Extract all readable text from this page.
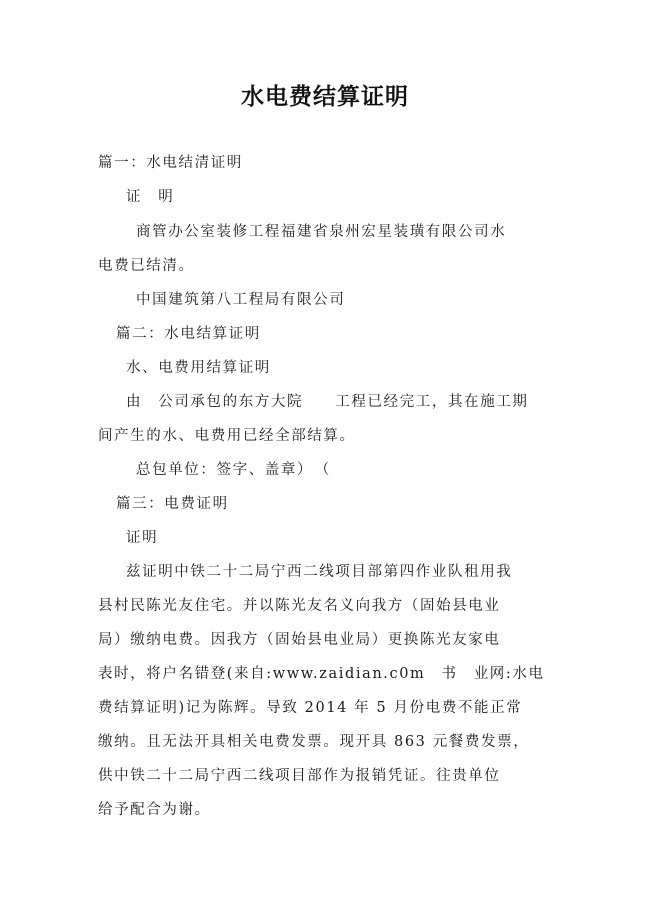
水电费结算证明
篇一：水电结清证明
证　明
商管办公室装修工程福建省泉州宏星装璜有限公司水
电费已结清。
中国建筑第八工程局有限公司
篇二：水电结算证明
水、电费用结算证明
由　公司承包的东方大院　　工程已经完工，其在施工期
间产生的水、电费用已经全部结算。
总包单位：签字、盖章）　（
篇三：电费证明
证明
兹证明中铁二十二局宁西二线项目部第四作业队租用我
县村民陈光友住宅。并以陈光友名义向我方（固始县电业
局）缴纳电费。因我方（固始县电业局）更换陈光友家电
表时，将户名错登(来自:www.zaidian.c0m　书　业网:水电
费结算证明)记为陈辉。导致 2014 年 5 月份电费不能正常
缴纳。且无法开具相关电费发票。现开具 863 元餐费发票，
供中铁二十二局宁西二线项目部作为报销凭证。往贵单位
给予配合为谢。
